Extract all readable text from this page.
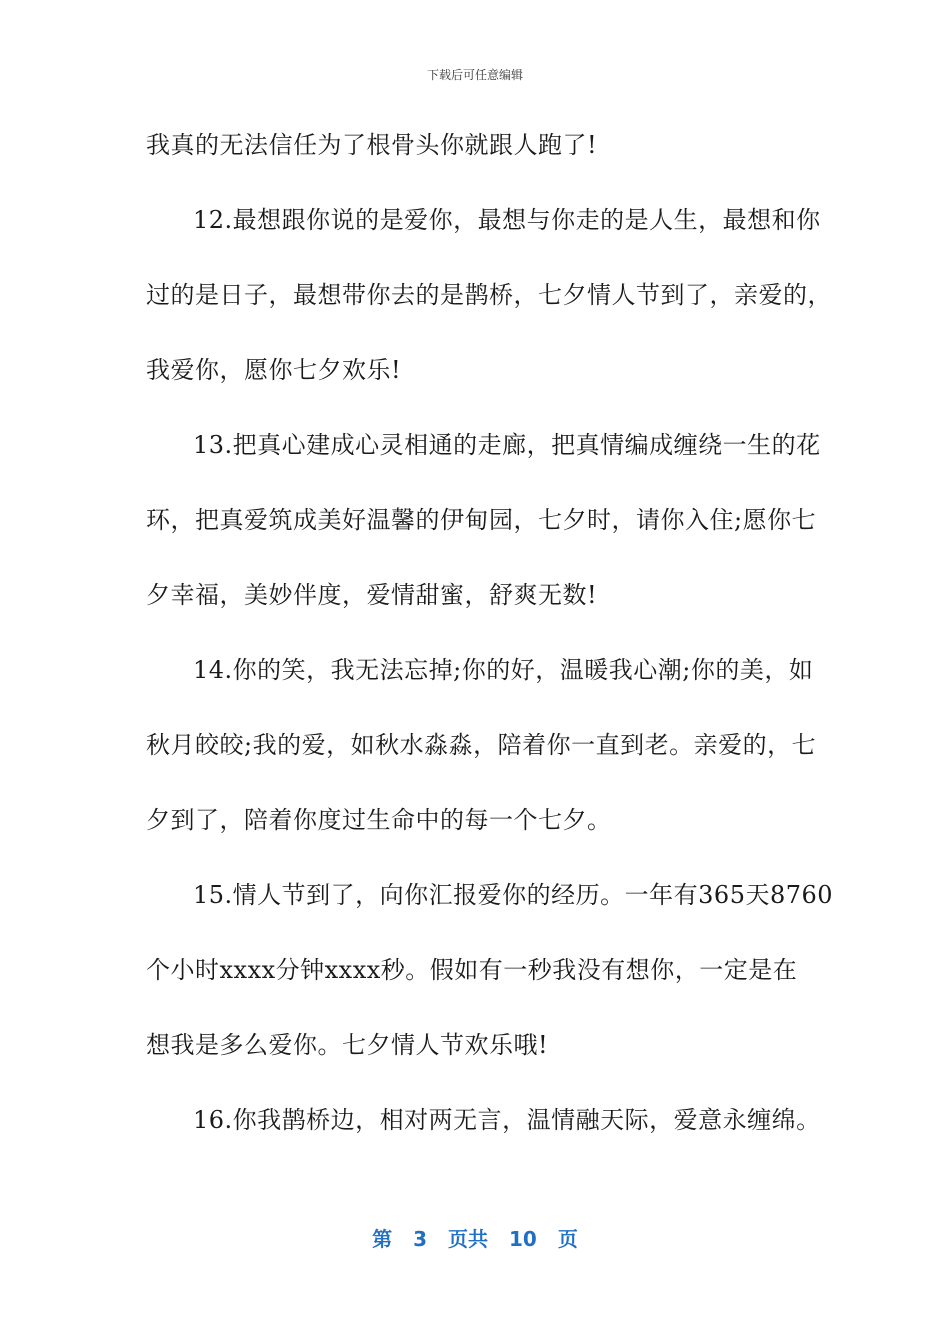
下载后可任意编辑
我真的无法信任为了根骨头你就跟人跑了!
12.最想跟你说的是爱你，最想与你走的是人生，最想和你
过的是日子，最想带你去的是鹊桥，七夕情人节到了，亲爱的，
我爱你，愿你七夕欢乐!
13.把真心建成心灵相通的走廊，把真情编成缠绕一生的花
环，把真爱筑成美好温馨的伊甸园，七夕时，请你入住;愿你七
夕幸福，美妙伴度，爱情甜蜜，舒爽无数!
14.你的笑，我无法忘掉;你的好，温暖我心潮;你的美，如
秋月皎皎;我的爱，如秋水淼淼，陪着你一直到老。亲爱的，七
夕到了，陪着你度过生命中的每一个七夕。
15.情人节到了，向你汇报爱你的经历。一年有365天8760
个小时xxxx分钟xxxx秒。假如有一秒我没有想你，一定是在
想我是多么爱你。七夕情人节欢乐哦!
16.你我鹊桥边，相对两无言，温情融天际，爱意永缠绵。
第 3 页共 10 页
